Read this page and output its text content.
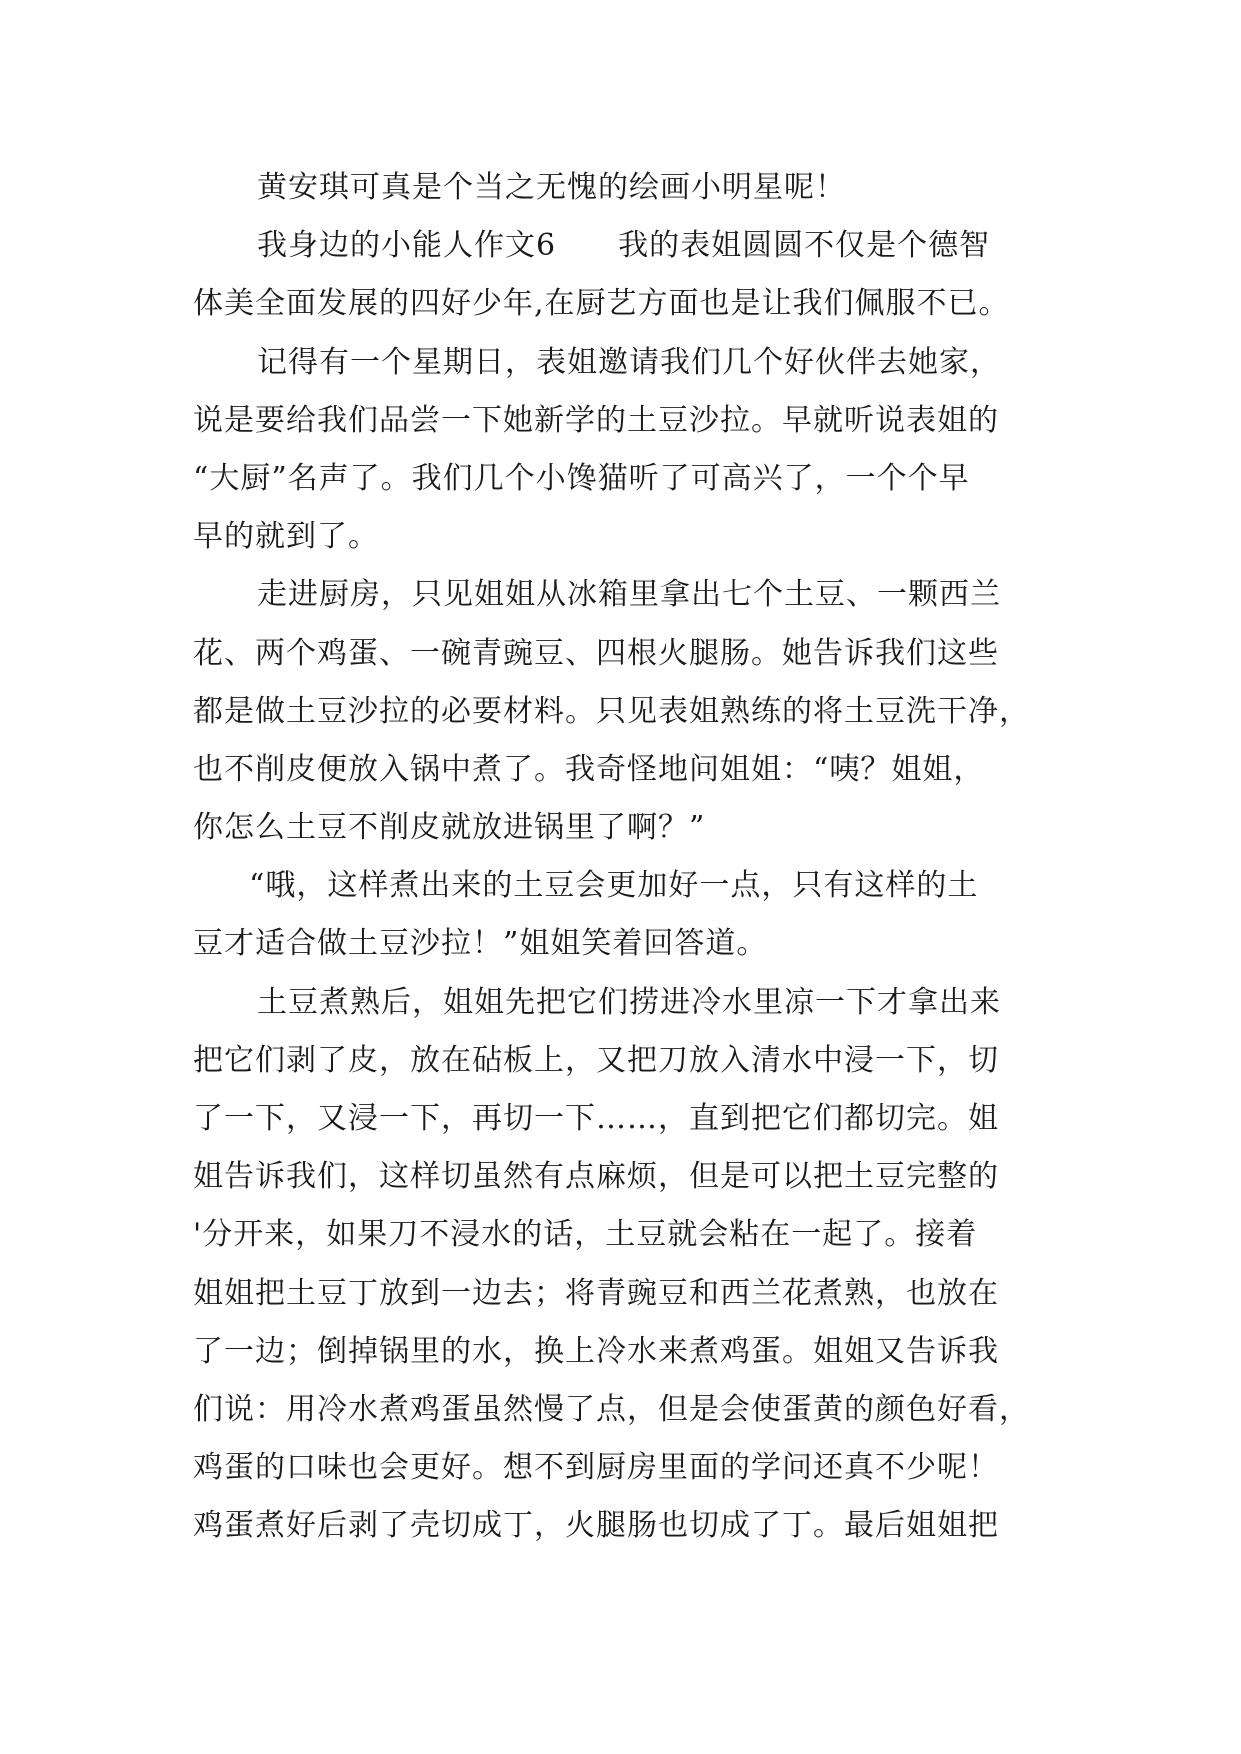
黄安琪可真是个当之无愧的绘画小明星呢！
我身边的小能人作文6　　我的表姐圆圆不仅是个德智
体美全面发展的四好少年,在厨艺方面也是让我们佩服不已。
记得有一个星期日，表姐邀请我们几个好伙伴去她家，
说是要给我们品尝一下她新学的土豆沙拉。早就听说表姐的
“大厨”名声了。我们几个小馋猫听了可高兴了，一个个早
早的就到了。
走进厨房，只见姐姐从冰箱里拿出七个土豆、一颗西兰
花、两个鸡蛋、一碗青豌豆、四根火腿肠。她告诉我们这些
都是做土豆沙拉的必要材料。只见表姐熟练的将土豆洗干净，
也不削皮便放入锅中煮了。我奇怪地问姐姐：“咦？姐姐，
你怎么土豆不削皮就放进锅里了啊？”
“哦，这样煮出来的土豆会更加好一点，只有这样的土
豆才适合做土豆沙拉！”姐姐笑着回答道。
土豆煮熟后，姐姐先把它们捞进冷水里凉一下才拿出来
把它们剥了皮，放在砧板上，又把刀放入清水中浸一下，切
了一下，又浸一下，再切一下……，直到把它们都切完。姐
姐告诉我们，这样切虽然有点麻烦，但是可以把土豆完整的
'分开来，如果刀不浸水的话，土豆就会粘在一起了。接着
姐姐把土豆丁放到一边去；将青豌豆和西兰花煮熟，也放在
了一边；倒掉锅里的水，换上冷水来煮鸡蛋。姐姐又告诉我
们说：用冷水煮鸡蛋虽然慢了点，但是会使蛋黄的颜色好看，
鸡蛋的口味也会更好。想不到厨房里面的学问还真不少呢！
鸡蛋煮好后剥了壳切成丁，火腿肠也切成了丁。最后姐姐把
